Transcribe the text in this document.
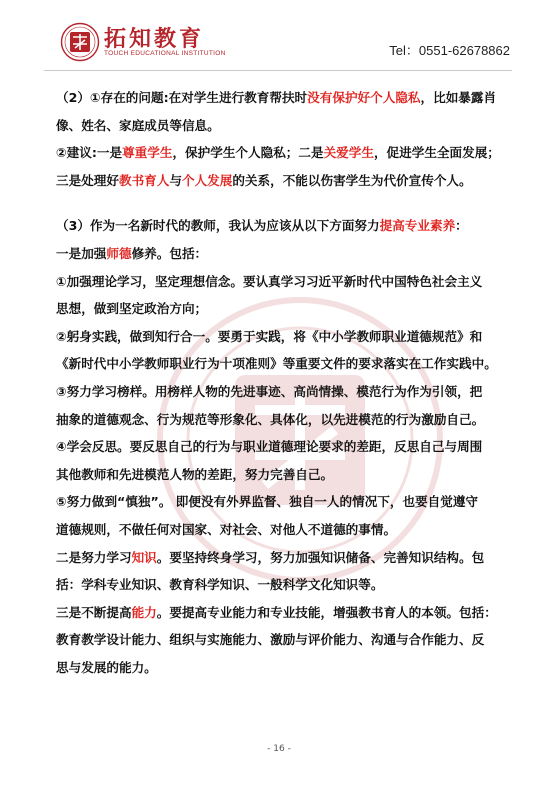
拓知教育
TOUCH EDUCATIONAL INSTITUTION	Tel：0551-62678862
（2）①存在的问题:在对学生进行教育帮扶时没有保护好个人隐私，比如暴露肖
像、姓名、家庭成员等信息。
②建议:一是尊重学生，保护学生个人隐私；二是关爱学生，促进学生全面发展；
三是处理好教书育人与个人发展的关系，不能以伤害学生为代价宣传个人。
（3）作为一名新时代的教师，我认为应该从以下方面努力提高专业素养：
一是加强师德修养。包括：
①加强理论学习，坚定理想信念。要认真学习习近平新时代中国特色社会主义
思想，做到坚定政治方向；
②躬身实践，做到知行合一。要勇于实践，将《中小学教师职业道德规范》和
《新时代中小学教师职业行为十项准则》等重要文件的要求落实在工作实践中。
③努力学习榜样。用榜样人物的先进事迹、高尚情操、模范行为作为引领，把
抽象的道德观念、行为规范等形象化、具体化，以先进模范的行为激励自己。
④学会反思。要反思自己的行为与职业道德理论要求的差距，反思自己与周围
其他教师和先进模范人物的差距，努力完善自己。
⑤努力做到“慎独”。 即便没有外界监督、独自一人的情况下，也要自觉遵守
道德规则，不做任何对国家、对社会、对他人不道德的事情。
二是努力学习知识。要坚持终身学习，努力加强知识储备、完善知识结构。包
括：学科专业知识、教育科学知识、一般科学文化知识等。
三是不断提高能力。要提高专业能力和专业技能，增强教书育人的本领。包括：
教育教学设计能力、组织与实施能力、激励与评价能力、沟通与合作能力、反
思与发展的能力。
- 16 -
